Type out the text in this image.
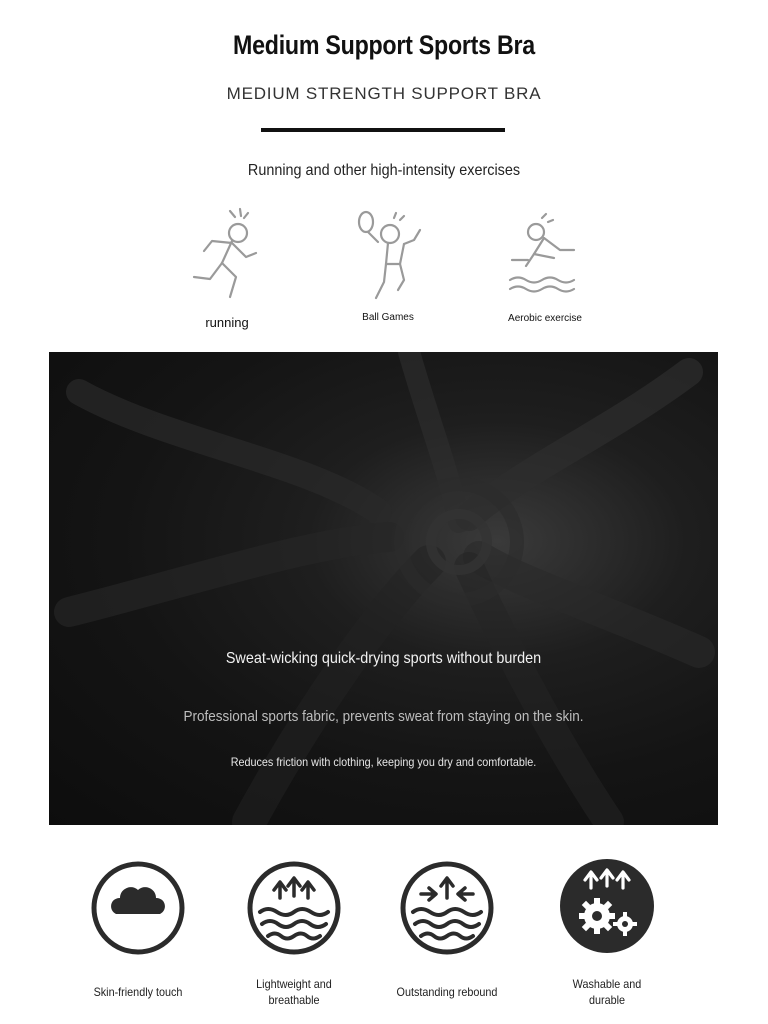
Medium Support Sports Bra
MEDIUM STRENGTH SUPPORT BRA
Running and other high-intensity exercises
running	Ball Games	Aerobic exercise
Sweat-wicking quick-drying sports without burden
Professional sports fabric, prevents sweat from staying on the skin.
Reduces friction with clothing, keeping you dry and comfortable.
Skin-friendly touch
Lightweight and
breathable
Outstanding rebound
Washable and
durable
